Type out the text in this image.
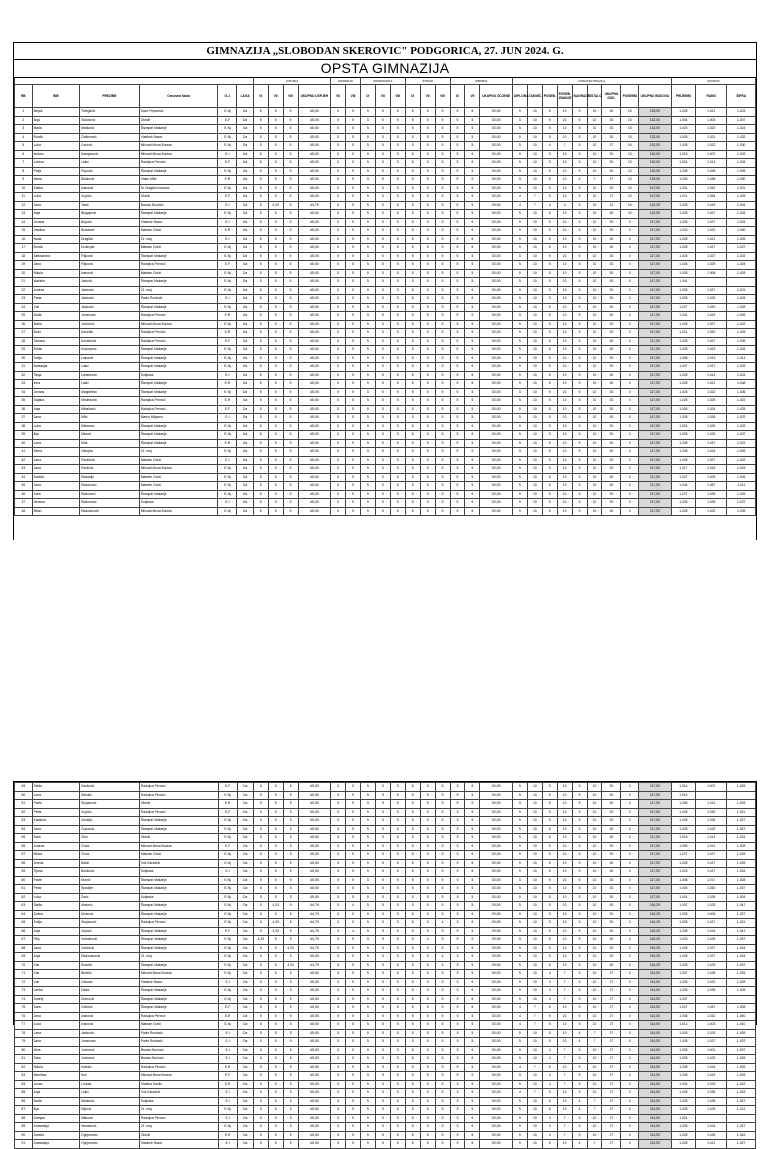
GIMNAZIJA „SLOBODAN SKEROVIC" PODGORICA, 27. JUN 2024. G.
OPSTA GIMNAZIJA
						USPJEH				MATERNJI		MATEMATIKA			STRANI			IZBORNI			DODATNI PRAVILA									UKUPNO		
RB	IME	PREZIME	Osnovna škola	G.J.	LAGA	VI	VII	VIII	UKUPNO USPJEH	VII	VIII	IX	VII	VIII	IX	VII	VIII	IX	VII	UKUPNO OCJENE	DIPLOMA	TAKMIČ.	POSEB.	POSEB. ZNANJE	NAGRADE	OSTALO	UKUPNO DOD.	POSEBNI	UKUPNO BODOVA	PRIJEMNI	RANG	ŠIFRA
1	Mejaš	Tufegdžić	Savo Pejanović	E-Nj	Da	5	5	5	45,00	5	5	5	5	5	5	5	5	5	5	30,00	5	10	5	10	5	10	30	15	135,00	1.025	1.021	1-023
2	Bojo	Sokolović	Oktoih	E-F	Da	5	5	5	45,00	5	5	5	5	5	5	5	5	5	5	30,00	5	10	5	10	5	10	30	15	132,00	1.004	1.003	1-007
3	Maša	Marković	Štampar Makarije	E-Nj	Da	5	5	5	45,00	5	5	5	5	5	5	5	5	5	5	30,00	5	10	5	10	5	10	30	15	132,00	1.023	1.022	1-024
4	Đurđa	Čađenović	Vladimir Nazor	E-Nj	Da	5	5	5	45,00	5	5	5	5	5	5	5	5	5	5	30,00	5	10	5	10	5	10	30	15	132,00	1.025	1.021	1-032
5	Luka	Cerović	Milorad Musa Burzan	E-Nj	Da	5	5	5	45,00	5	5	5	5	5	5	5	5	5	5	30,00	5	10	4	7	5	10	27	16	132,00	1.025	1.022	1-030
6	Isidora	Damjanović	Milorad Musa Burzan	E-I	Da	5	5	5	45,00	5	5	5	5	5	5	5	5	5	5	30,00	5	10	5	10	5	10	30	13	130,00	1.015	1.007	1-002
7	Lorena	Lekić	Radojica Perović	E-F	Da	5	5	5	45,00	5	5	5	5	5	5	5	5	5	5	30,00	5	10	5	10	5	10	30	13	130,00	1.024	1.014	1-034
8	Petja	Popović	Štampar Makarije	E-Nj	Da	5	5	5	45,00	5	5	5	5	5	5	5	5	5	5	30,00	5	10	5	10	5	10	30	13	130,00	1.025	1.028	1-005
9	Maša	Bošković	Vlado Milić	E-R	Da	5	5	5	45,00	5	5	5	5	5	5	5	5	5	5	30,00	5	10	5	10	4	7	27	13	129,00	1.033	1.036	1-030
10	Katina	Ivanović	Dr Dragiša Ivanović	E-Nj	Da	5	5	5	45,00	5	5	5	5	5	5	5	5	5	5	30,00	5	10	5	10	5	10	30	10	127,00	1.031	1.042	1-021
11	Luka	Vujović	Oktoih	E-F	Da	5	5	5	45,00	5	5	5	5	5	5	5	5	5	5	30,00	4	7	5	10	5	10	27	13	127,00	1.011	1.054	1-025
12	Jana	Tanić	Branko Božović	E-I	Da	5	4,33	5	44,79	5	5	5	5	5	5	5	5	5	5	29,50	4	7	4	4	5	10	21	15	120,29	1.025	1.019	1-004
13	Anja	Blagojević	Štampar Makarije	E-Nj	Da	5	5	5	45,00	5	5	5	5	5	5	5	5	5	5	30,00	5	10	5	10	5	10	30	10	120,00	1.025	1.027	1-033
14	Jovana	Bojović	Vladimir Nazor	E-I	Da	5	5	5	45,00	5	5	5	5	5	5	5	5	5	5	30,00	5	10	5	10	5	10	30	0	117,00	1.025	1.027	1-024
15	Vasilisa	Bulatović	Maksim Gorki	E-R	Da	5	5	5	45,00	5	5	5	5	5	5	5	5	5	5	30,00	5	10	5	10	5	10	30	0	117,00	1.023	1.022	1-040
16	Nada	Dragišić	21. maj	E-I	Da	5	5	5	45,00	5	5	5	5	5	5	5	5	5	5	30,00	5	10	5	10	5	10	30	0	117,00	1.025	1.021	1-026
17	Đurđa	Drobnjak	Maksim Gorki	E-Nj	Da	5	5	5	45,00	5	5	5	5	5	5	5	5	5	5	30,00	5	10	5	10	5	10	30	0	117,00	1.025	1.027	1-027
18	Aleksandra	Filipović	Štampar Makarije	E-Nj	Da	5	5	5	45,00	5	5	5	5	5	5	5	5	5	5	30,00	5	10	5	10	5	10	30	0	117,00	1.025	1.027	1-022
19	Jana	Filipović	Radojica Perović	E-F	Da	5	5	5	45,00	5	5	5	5	5	5	5	5	5	5	30,00	5	10	5	10	5	10	30	0	117,00	1.026	1.025	1-024
20	Nikola	Ivanović	Maksim Gorki	E-Nj	Da	5	5	5	45,00	5	5	5	5	5	5	5	5	5	5	30,00	5	10	5	10	5	10	30	0	117,00	1.025	1.006	1-003
21	Maksim	Jaković	Štampar Makarije	E-Nj	Da	5	5	5	45,00	5	5	5	5	5	5	5	5	5	5	30,00	5	10	5	10	5	10	30	0	117,00	1.041		
22	Andrea	Janković	21. maj	E-Nj	Da	5	5	5	45,00	5	5	5	5	5	5	5	5	5	5	30,00	5	10	5	10	5	10	30	0	117,00	1.025	1.027	1-021
23	Petar	Janković	Pavle Rovinski	E-I	Da	5	5	5	45,00	5	5	5	5	5	5	5	5	5	5	30,00	5	10	5	10	5	10	30	0	117,00	1.025	1.033	1-024
24	Vuk	Jauković	Štampar Makarije	E-Nj	Da	5	5	5	45,00	5	5	5	5	5	5	5	5	5	5	30,00	5	10	5	10	5	10	30	0	117,00	1.027	1.020	1-028
25	Nađa	Jovanović	Radojica Perović	E-R	Da	5	5	5	45,00	5	5	5	5	5	5	5	5	5	5	30,00	5	10	5	10	5	10	30	0	117,00	1.041	1.023	1-026
26	Maša	Jovićević	Milorad Musa Burzan	E-Nj	Da	5	5	5	45,00	5	5	5	5	5	5	5	5	5	5	30,00	5	10	5	10	5	10	30	0	117,00	1.025	1.027	1-022
27	Božo	Kaneđić	Radojica Perović	E-R	Da	5	5	5	45,00	5	5	5	5	5	5	5	5	5	5	30,00	5	10	5	10	5	10	30	0	117,00	1.021	1.020	1-025
28	Tamara	Kovačević	Radojica Perović	E-F	Da	5	5	5	45,00	5	5	5	5	5	5	5	5	5	5	30,00	5	10	5	10	5	10	30	0	117,00	1.025	1.027	1-039
29	Ethan	Kurpejović	Štampar Makarije	E-Nj	Da	5	5	5	45,00	5	5	5	5	5	5	5	5	5	5	30,00	5	10	5	10	5	10	30	0	117,00	1.025	1.023	1-033
30	Sofija	Lainović	Štampar Makarije	E-Nj	Da	5	5	5	45,00	5	5	5	5	5	5	5	5	5	5	30,00	5	10	5	10	5	10	30	0	117,00	1.008	1.013	1-014
31	Nastasija	Lakić	Štampar Makarije	E-Nj	Da	5	5	5	45,00	5	5	5	5	5	5	5	5	5	5	30,00	5	10	5	10	5	10	30	0	117,00	1.047	1.017	1-033
32	Tasja	Lamedović	Sutjeska	E-I	Da	5	5	5	45,00	5	5	5	5	5	5	5	5	5	5	30,00	5	10	5	10	5	10	30	0	117,00	1.025	1.014	1-024
33	Irina	Lašić	Štampar Makarije	E-R	Da	5	5	5	45,00	5	5	5	5	5	5	5	5	5	5	30,00	5	10	5	10	5	10	30	0	117,00	1.025	1.021	1-048
34	Jovana	Magdelinić	Štampar Makarije	E-Nj	Da	5	5	5	45,00	5	5	5	5	5	5	5	5	5	5	30,00	5	10	5	10	5	10	30	0	117,00	1.025	1.022	1-026
35	Dajana	Mededović	Radojica Perović	E-R	Da	5	5	5	45,00	5	5	5	5	5	5	5	5	5	5	30,00	5	10	5	10	5	10	30	0	117,00	1.025	1.025	1-022
36	Anja	Mihailović	Radojica Perović	E-F	Da	5	5	5	45,00	5	5	5	5	5	5	5	5	5	5	30,00	5	10	5	10	5	10	30	0	117,00	1.026	1.024	1-025
37	Jana	Milić	Marko Miljanov	E-I	Da	5	5	5	45,00	5	5	5	5	5	5	5	5	5	5	30,00	5	10	5	10	5	10	30	0	117,00	1.025	1.026	1-022
38	Luka	Milosevic	Štampar Makarije	E-Nj	Da	5	5	5	45,00	5	5	5	5	5	5	5	5	5	5	30,00	5	10	5	10	5	10	30	0	117,00	1.024	1.025	1-022
39	Ilija	Milović	Štampar Makarije	E-Nj	Da	5	5	5	45,00	5	5	5	5	5	5	5	5	5	5	30,00	5	10	5	10	5	10	30	0	117,00	1.025	1.033	1-037
40	Lena	Mak	Štampar Makarije	E-R	Da	5	5	5	45,00	5	5	5	5	5	5	5	5	5	5	30,00	5	10	5	10	5	10	30	0	117,00	1.025	1.047	1-021
41	Elena	Ostojnić	21. maj	E-Nj	Da	5	5	5	45,00	5	5	5	5	5	5	5	5	5	5	30,00	5	10	5	10	5	10	30	0	117,00	1.025	1.024	1-026
42	Lana	Pavićević	Maksim Gorki	E-I	Da	5	5	5	45,00	5	5	5	5	5	5	5	5	5	5	30,00	5	10	5	10	5	10	30	0	117,00	1.025	1.027	1-022
43	Jana	Pavlović	Milorad Musa Burzan	E-Nj	Da	5	5	5	45,00	5	5	5	5	5	5	5	5	5	5	30,00	5	10	5	10	5	10	30	0	117,00	1.017	1.016	1-015
44	Andela	Radanjić	Maksim Gorki	E-Nj	Da	5	5	5	45,00	5	5	5	5	5	5	5	5	5	5	30,00	5	10	5	10	5	10	30	0	117,00	1.027	1.025	1-026
45	Jana	Radanović	Maksim Gorki	E-Nj	Da	5	5	5	45,00	5	5	5	5	5	5	5	5	5	5	30,00	5	10	5	10	5	10	30	0	117,00	1.044	1.057	1-011
46	Sara	Radulović	Štampar Makarije	E-Nj	Da	5	5	5	45,00	5	5	5	5	5	5	5	5	5	5	30,00	5	10	5	10	5	10	30	0	117,00	1.027	1.025	1-026
47	Nevena	Radunović	Sutjeska	E-I	Da	5	5	5	45,00	5	5	5	5	5	5	5	5	5	5	30,00	5	10	5	10	5	10	30	0	117,00	1.025	1.028	1-027
48	Milan	Radusinović	Milorad Musa Burzan	E-Nj	Da	5	5	5	45,00	5	5	5	5	5	5	5	5	5	5	30,00	5	10	5	10	5	10	30	0	117,00	1.025	1.022	1-039
49	Stella	Savković	Radojica Perović	E-F	Da	5	5	5	45,00	5	5	5	5	5	5	5	5	5	5	30,00	5	10	5	10	5	10	30	0	117,00	1.014	1.007	1-025
50	Lena	Sekulić	Radojica Perović	E-Nj	Da	5	5	5	45,00	5	5	5	5	5	5	5	5	5	5	30,00	5	10	5	10	5	10	30	0	117,00	1.014		
51	Pavle	Stojanović	Oktoih	E-R	Da	5	5	5	45,00	5	5	5	5	5	5	5	5	5	5	30,00	5	10	5	10	5	10	30	0	117,00	1.005	1.012	1-025
52	Petar	Vujović	Radojica Perović	E-F	Da	5	5	5	45,00	5	5	5	5	5	5	5	5	5	5	30,00	5	10	5	10	5	10	30	0	117,00	1.025	1.030	1-021
53	Katarina	Vučeljić	Štampar Makarije	E-Nj	Da	5	5	5	45,00	5	5	5	5	5	5	5	5	5	5	30,00	5	10	5	10	5	10	30	0	117,00	1.025	1.026	1-027
54	Jana	Čupranić	Štampar Makarije	E-Nj	Da	5	5	5	45,00	5	5	5	5	5	5	5	5	5	5	30,00	5	10	5	10	5	10	30	0	117,00	1.025	1.022	1-027
55	Sara	Ćirić	Oktoih	E-Nj	Da	5	5	5	45,00	5	5	5	5	5	5	5	5	5	5	30,00	5	10	5	10	5	10	30	0	117,00	1.015	1.014	1-024
56	Andrea	Ćosić	Milorad Musa Burzan	E-F	Da	5	5	5	45,00	5	5	5	5	5	5	5	5	5	5	30,00	5	10	5	10	5	10	30	0	117,00	1.009	1.012	1-008
57	Milica	Čović	Maksim Gorki	E-Nj	Da	5	5	5	45,00	5	5	5	5	5	5	5	5	5	5	30,00	5	10	5	10	5	10	30	0	117,00	1.027	1.027	1-025
58	Jelena	Bašić	Vuk Karadžić	E-Nj	Da	5	5	5	45,00	5	5	5	5	5	5	5	5	5	5	30,00	5	10	5	10	5	10	30	0	117,00	1.025	1.027	1-039
59	Tijana	Bošković	Sutjeska	E-I	Da	5	5	5	45,00	5	5	5	5	5	5	5	5	5	5	30,00	5	10	5	10	5	10	30	0	117,00	1.023	1.027	1-034
60	Pavle	Đumić	Štampar Makarije	E-Nj	Da	5	5	5	45,00	5	5	5	5	5	5	5	5	5	5	30,00	5	10	5	10	5	10	30	0	117,00	1.008	1.017	1-028
61	Petar	Špadijer	Štampar Makarije	E-Nj	Da	5	5	5	45,00	5	5	5	5	5	5	5	5	5	5	30,00	5	10	5	10	5	10	30	0	117,00	1.025	1.030	1-037
62	Luka	Žarić	Sutjeska	E-Nj	Da	5	5	5	45,00	5	5	5	5	5	5	5	5	5	5	30,00	5	10	5	10	5	10	30	0	117,00	1.024	1.026	1-004
63	Stella	Matović	Štampar Makarije	E-Nj	Da	5	4,33	5	44,79	5	4	5	5	5	5	5	5	5	5	29,50	5	10	5	10	5	10	30	0	116,29	1.007	1.033	1-047
64	Sofina	Muhović	Štampar Makarije	E-Nj	Da	5	5	5	44,79	5	5	5	5	5	5	5	5	5	5	29,50	5	10	5	10	5	10	30	0	116,29	1.025	1.005	1-027
65	Sofija	Stojanović	Radojica Perović	E-Nj	Da	5	4,33	5	44,79	5	5	5	5	5	5	5	4	5	5	29,50	5	10	5	10	5	10	30	0	116,29	1.025	1.027	1-021
66	Anja	Vujović	Štampar Makarije	E-F	Da	5	4,33	5	44,79	5	4	5	5	5	5	5	5	5	5	29,50	5	10	5	10	5	10	30	0	116,29	1.025	1.024	1-041
67	Filip	Vukmirović	Štampar Makarije	E-Nj	Da	4,33	5	5	44,79	5	5	5	5	5	5	4	5	5	5	29,50	5	10	5	10	5	10	30	0	116,29	1.023	1.025	1-037
68	Jana	Vukčević	Štampar Makarije	E-Nj	Da	5	5	4,33	44,79	5	5	5	5	5	5	5	5	5	5	29,50	5	10	5	10	5	10	30	0	116,29	1.025	1.027	1-024
69	Anja	Radovanović	21. maj	E-Nj	Da	5	5	5	45,00	5	5	5	5	5	5	5	4	5	5	29,50	5	10	5	10	5	10	30	0	116,29	1.025	1.027	1-024
70	Vuk	Rodeta	Štampar Makarije	E-Nj	Da	5	5	4,33	44,79	5	5	5	5	5	5	5	4	5	5	29,50	5	10	5	10	5	10	30	0	116,29	1.025	1.033	1-037
71	Vuk	Bleščić	Milorad Musa Burzan	E-Nj	Da	5	5	5	45,00	5	5	5	5	5	5	5	5	5	5	30,00	5	10	4	7	5	10	27	0	114,00	1.037	1.028	1-025
72	Vuk	Cekovic	Vladimir Nazor	E-I	Da	5	5	5	45,00	5	5	5	5	5	5	5	5	5	5	30,00	5	10	4	7	5	10	27	0	114,00	1.025	1.022	1-028
73	Lenka	Dašić	Štampar Makarije	E-Nj	Da	5	5	5	45,00	5	5	5	5	5	5	5	5	5	5	30,00	5	10	4	7	5	10	27	0	114,00	1.025	1.035	1-005
74	Andrej	Dobrović	Štampar Makarije	E-Nj	Da	5	5	5	45,00	5	5	5	5	5	5	5	5	5	5	30,00	5	10	4	7	5	10	27	0	114,00	1.037		
75	Sara	Grbović	Štampar Makarije	E-F	Da	5	5	5	45,00	5	5	5	5	5	5	5	5	5	5	30,00	4	7	5	10	5	10	27	0	114,00	1.027	1.067	1-008
76	Jana	Ivanović	Radojica Perović	E-R	Da	5	5	5	45,00	5	5	5	5	5	5	5	5	5	5	30,00	4	7	5	10	5	10	27	0	114,00	1.036	1.042	1-040
77	Luka	Ivanović	Maksim Gorki	E-Nj	Da	5	5	5	45,00	5	5	5	5	5	5	5	5	5	5	30,00	4	7	5	10	5	10	27	0	114,00	1.012	1.003	1-010
78	Lana	Janković	Pavle Rovinski	E-I	Da	5	5	5	45,00	5	5	5	5	5	5	5	5	5	5	30,00	5	10	5	10	4	7	27	0	114,00	1.025	1.033	1-039
79	Jana	Jovanović	Pavle Rovinski	E-I	Da	5	5	5	45,00	5	5	5	5	5	5	5	5	5	5	30,00	5	10	5	10	4	7	27	0	114,00	1.025	1.027	1-022
80	Nina	Jovićević	Branko Božović	E-I	Da	5	5	5	45,00	5	5	5	5	5	5	5	5	5	5	30,00	5	10	4	7	5	10	27	0	114,00	1.025	1.001	1-007
81	Sara	Jovićević	Branko Božović	E-I	Da	5	5	5	45,00	5	5	5	5	5	5	5	5	5	5	30,00	5	10	4	7	5	10	27	0	114,00	1.025	1.022	1-026
82	Nikola	Kalezić	Radojica Perović	E-R	Da	5	5	5	45,00	5	5	5	5	5	5	5	5	5	5	30,00	4	7	5	10	5	10	27	0	114,00	1.025	1.024	1-026
83	Marnitza	Kuč	Milorad Musa Burzan	E-F	Da	5	5	5	45,00	5	5	5	5	5	5	5	5	5	5	30,00	5	10	4	7	5	10	27	0	114,00	1.025	1.023	1-025
84	Jovan	Londar	Vladina Danilo	E-R	Da	5	5	5	45,00	5	5	5	5	5	5	5	5	5	5	30,00	5	10	4	7	5	10	27	0	114,00	1.042	1.033	1-022
85	Anja	Lukić	Vuk Karadžić	E-I	Da	5	5	5	45,00	5	5	5	5	5	5	5	5	5	5	30,00	4	7	5	10	5	10	27	0	114,00	1.025	1.036	1-033
86	Nađa	Marković	Sutjeska	E-I	Da	5	5	5	45,00	5	5	5	5	5	5	5	5	5	5	30,00	5	10	5	10	4	7	27	0	114,00	1.025	1.035	1-027
87	Ilija	Mijović	21. maj	E-Nj	Da	5	5	5	45,00	5	5	5	5	5	5	5	5	5	5	30,00	5	10	5	10	4	7	27	0	114,00	1.025	1.025	1-012
88	Damjan	Mitković	Radojica Perović	E-I	Da	5	5	5	45,00	5	5	5	5	5	5	5	5	5	5	30,00	5	10	4	7	5	10	27	0	114,00	1.024		
89	Anastasija	Novaković	21. maj	E-Nj	Da	5	5	5	45,00	5	5	5	5	5	5	5	5	5	5	30,00	5	10	4	7	5	10	27	0	114,00	1.025	1.024	1-027
90	Andela	Ognjenović	Oktoih	E-R	Da	5	5	5	45,00	5	5	5	5	5	5	5	5	5	5	30,00	5	10	4	7	5	10	27	0	114,00	1.025	1.025	1-042
91	Anastasija	Ognjenović	Vladimir Nazor	E-I	Da	5	5	5	45,00	5	5	5	5	5	5	5	5	5	5	30,00	5	10	5	10	4	7	27	0	114,00	1.025	1.021	1-027
